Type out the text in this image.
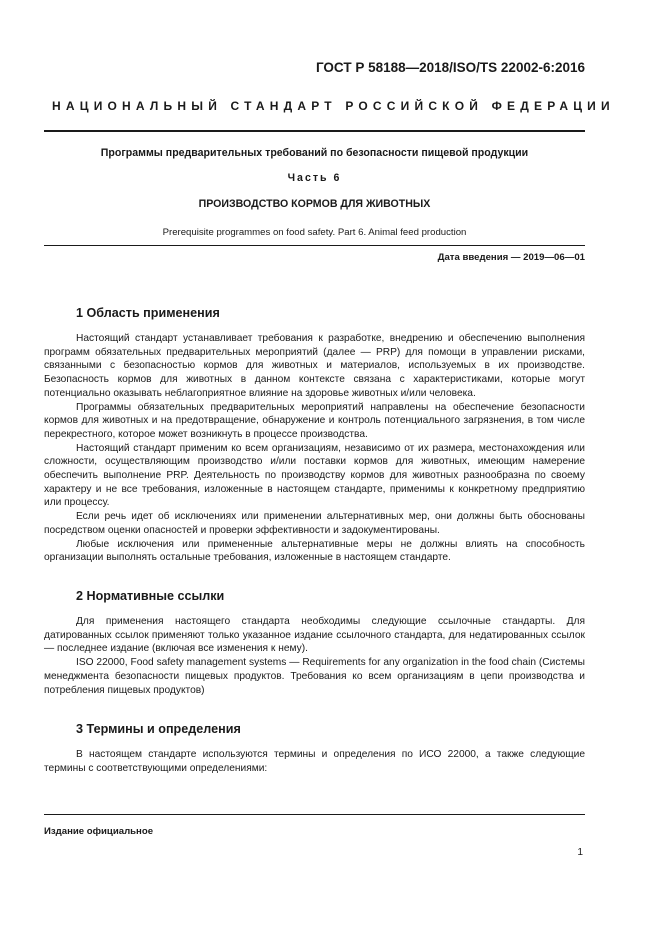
ГОСТ Р 58188—2018/ISO/TS 22002-6:2016
НАЦИОНАЛЬНЫЙ СТАНДАРТ РОССИЙСКОЙ ФЕДЕРАЦИИ
Программы предварительных требований по безопасности пищевой продукции
Часть 6
ПРОИЗВОДСТВО КОРМОВ ДЛЯ ЖИВОТНЫХ
Prerequisite programmes on food safety. Part 6. Animal feed production
Дата введения — 2019—06—01
1 Область применения

Настоящий стандарт устанавливает требования к разработке, внедрению и обеспечению выполнения программ обязательных предварительных мероприятий (далее — PRP) для помощи в управлении рисками, связанными с безопасностью кормов для животных и материалов, используемых в их производстве. Безопасность кормов для животных в данном контексте связана с характеристиками, которые могут потенциально оказывать неблагоприятное влияние на здоровье животных и/или человека.

Программы обязательных предварительных мероприятий направлены на обеспечение безопасности кормов для животных и на предотвращение, обнаружение и контроль потенциального загрязнения, в том числе перекрестного, которое может возникнуть в процессе производства.

Настоящий стандарт применим ко всем организациям, независимо от их размера, местонахождения или сложности, осуществляющим производство и/или поставки кормов для животных, имеющим намерение обеспечить выполнение PRP. Деятельность по производству кормов для животных разнообразна по своему характеру и не все требования, изложенные в настоящем стандарте, применимы к конкретному предприятию или процессу.

Если речь идет об исключениях или применении альтернативных мер, они должны быть обоснованы посредством оценки опасностей и проверки эффективности и задокументированы.

Любые исключения или примененные альтернативные меры не должны влиять на способность организации выполнять остальные требования, изложенные в настоящем стандарте.

2 Нормативные ссылки

Для применения настоящего стандарта необходимы следующие ссылочные стандарты. Для датированных ссылок применяют только указанное издание ссылочного стандарта, для недатированных ссылок — последнее издание (включая все изменения к нему).

ISO 22000, Food safety management systems — Requirements for any organization in the food chain (Системы менеджмента безопасности пищевых продуктов. Требования ко всем организациям в цепи производства и потребления пищевых продуктов)

3 Термины и определения

В настоящем стандарте используются термины и определения по ИСО 22000, а также следующие термины с соответствующими определениями:

Издание официальное
1
